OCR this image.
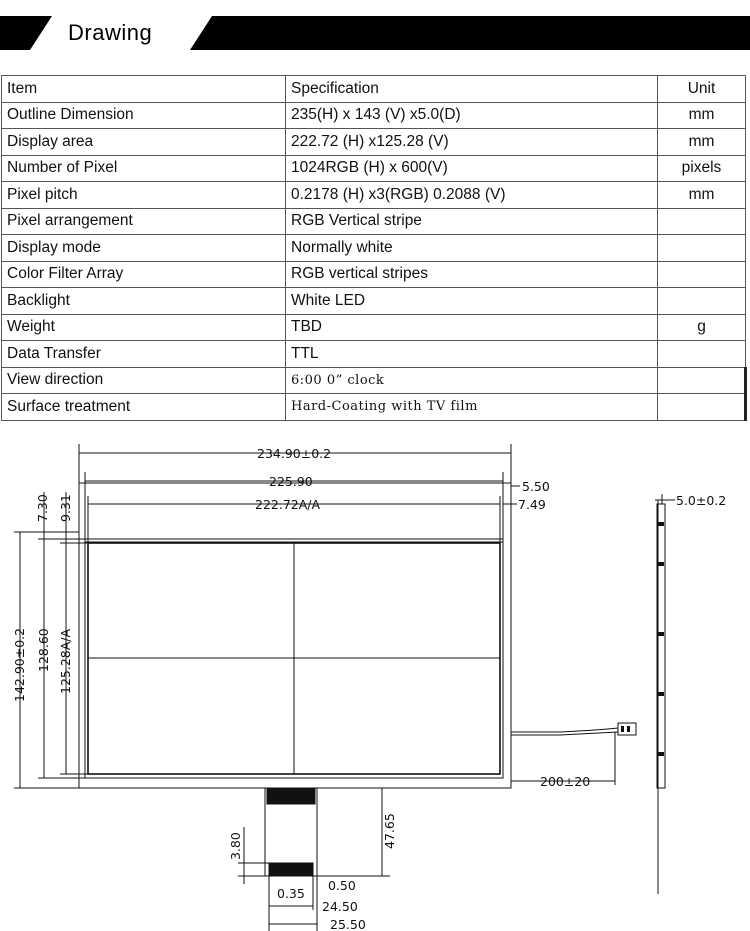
Drawing
Item	Specification	Unit
Outline Dimension	235(H) x 143 (V) x5.0(D)	mm
Display area	222.72 (H) x125.28 (V)	mm
Number of Pixel	1024RGB (H) x 600(V)	pixels
Pixel pitch	0.2178 (H) x3(RGB) 0.2088 (V)	mm
Pixel arrangement	RGB Vertical stripe	
Display mode	Normally white	
Color Filter Array	RGB vertical stripes	
Backlight	White LED	
Weight	TBD	g
Data Transfer	TTL	
View direction	6:00 0” clock	
Surface treatment	Hard-Coating with TV film	
234.90±0.2
225.90
222.72A/A
5.50
7.49
7.30 9.31
142.90±0.2 128.60 125.28A/A
200±20
47.65
3.80
0.35
0.50
24.50
25.50
5.0±0.2
